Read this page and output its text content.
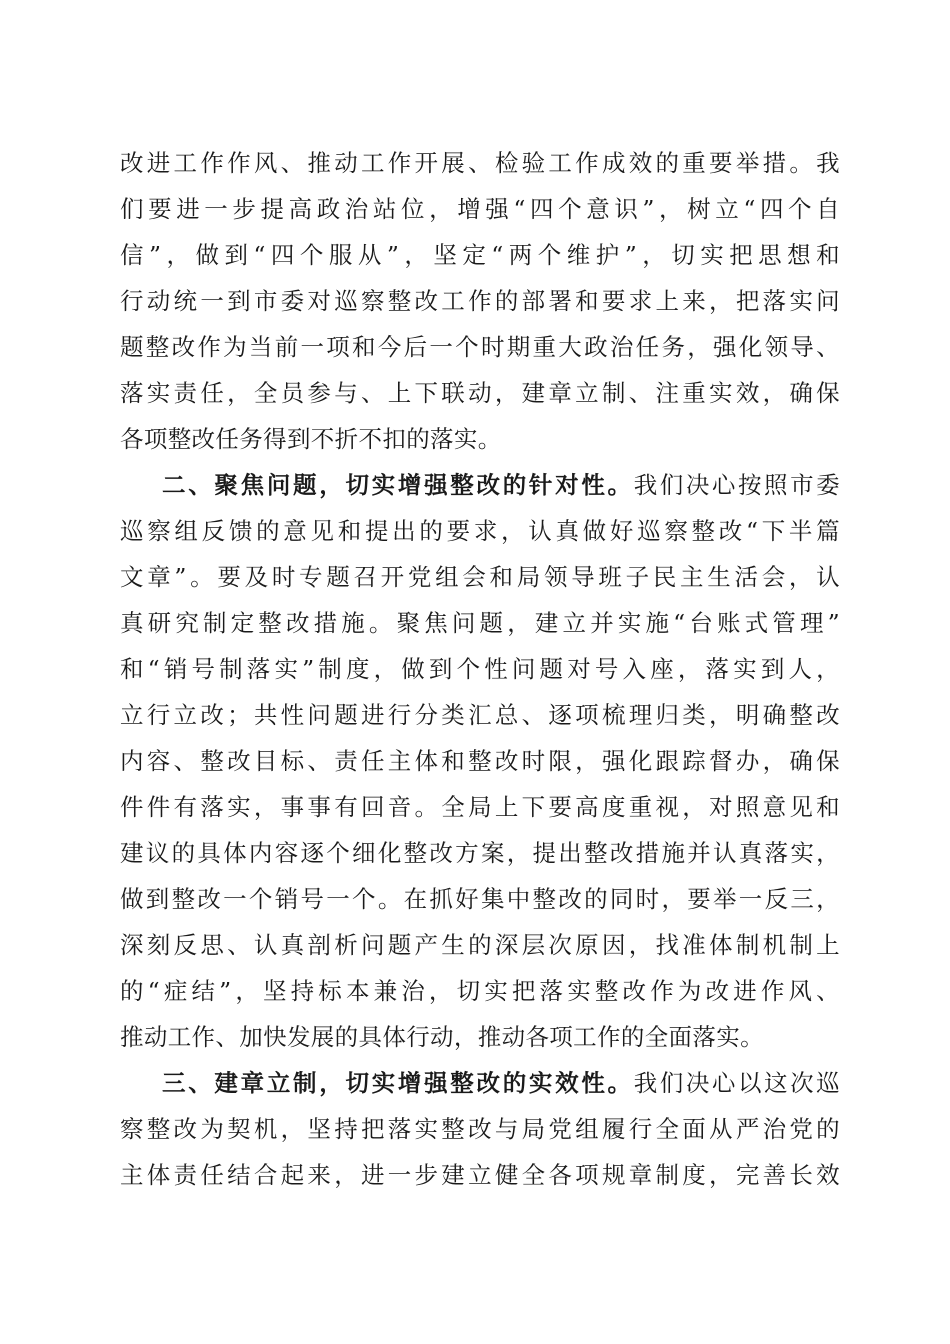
改进工作作风、推动工作开展、检验工作成效的重要举措。我
们要进一步提高政治站位，增强“四个意识”，树立“四个自
信”，做到“四个服从”，坚定“两个维护”，切实把思想和
行动统一到市委对巡察整改工作的部署和要求上来，把落实问
题整改作为当前一项和今后一个时期重大政治任务，强化领导、
落实责任，全员参与、上下联动，建章立制、注重实效，确保
各项整改任务得到不折不扣的落实。
二、聚焦问题，切实增强整改的针对性。我们决心按照市委
巡察组反馈的意见和提出的要求，认真做好巡察整改“下半篇
文章”。要及时专题召开党组会和局领导班子民主生活会，认
真研究制定整改措施。聚焦问题，建立并实施“台账式管理”
和“销号制落实”制度，做到个性问题对号入座，落实到人，
立行立改；共性问题进行分类汇总、逐项梳理归类，明确整改
内容、整改目标、责任主体和整改时限，强化跟踪督办，确保
件件有落实，事事有回音。全局上下要高度重视，对照意见和
建议的具体内容逐个细化整改方案，提出整改措施并认真落实，
做到整改一个销号一个。在抓好集中整改的同时，要举一反三，
深刻反思、认真剖析问题产生的深层次原因，找准体制机制上
的“症结”，坚持标本兼治，切实把落实整改作为改进作风、
推动工作、加快发展的具体行动，推动各项工作的全面落实。
三、建章立制，切实增强整改的实效性。我们决心以这次巡
察整改为契机，坚持把落实整改与局党组履行全面从严治党的
主体责任结合起来，进一步建立健全各项规章制度，完善长效
